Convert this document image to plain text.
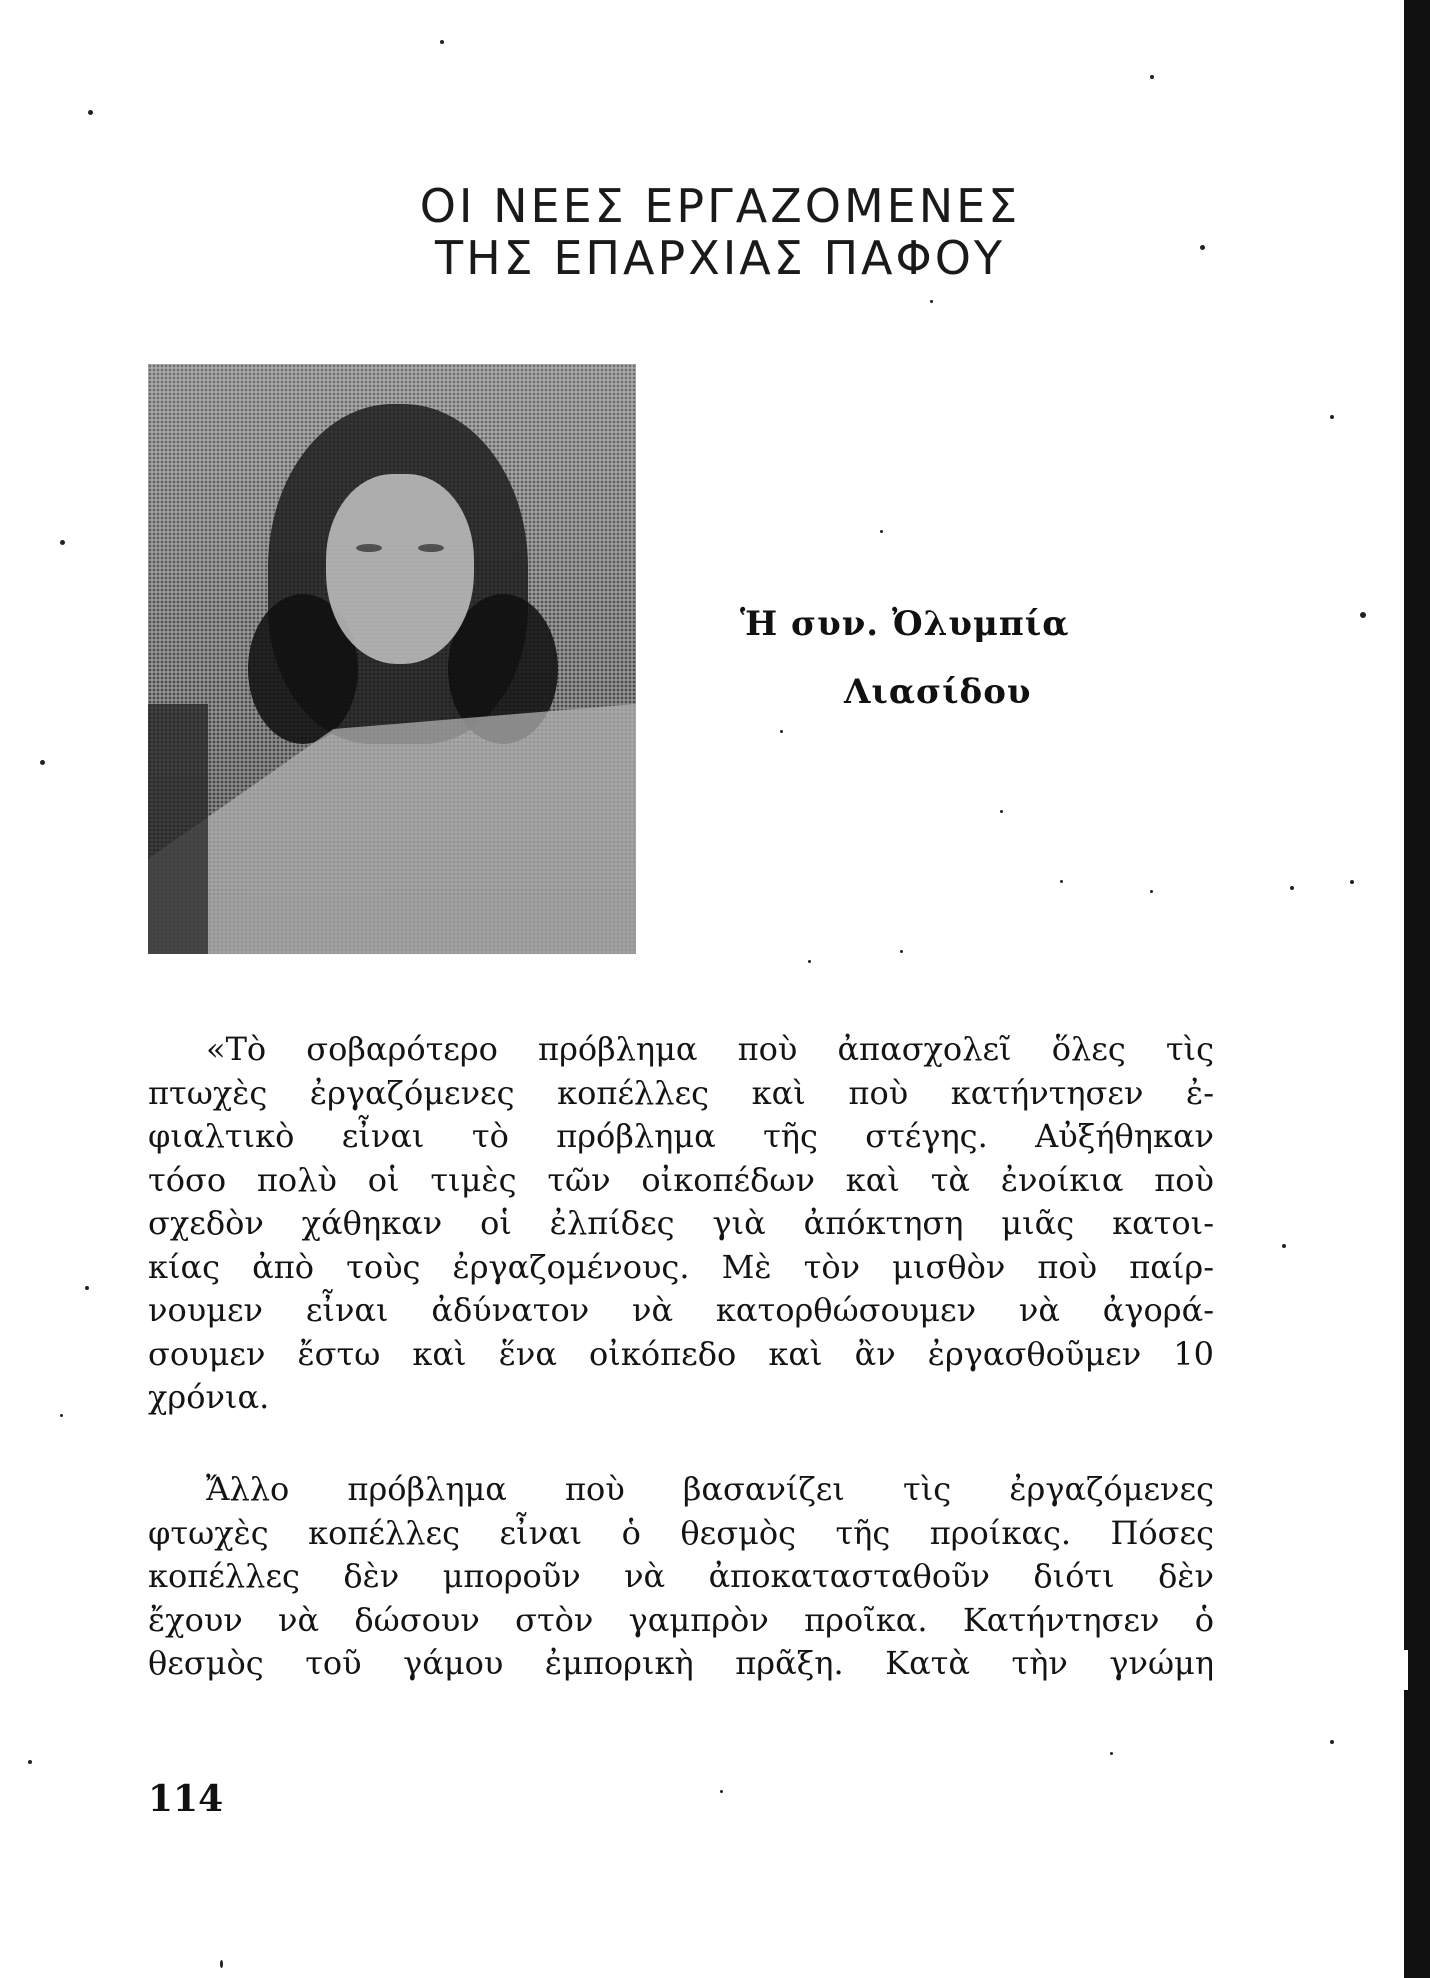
ΟΙ ΝΕΕΣ ΕΡΓΑΖΟΜΕΝΕΣ
ΤΗΣ ΕΠΑΡΧΙΑΣ ΠΑΦΟΥ
Ἡ συν. Ὀλυμπία
Λιασίδου
«Τὸ σοβαρότερο πρόβλημα ποὺ ἀπασχολεῖ ὅλες τὶς
πτωχὲς ἐργαζόμενες κοπέλλες καὶ ποὺ κατήντησεν ἐ-
φιαλτικὸ εἶναι τὸ πρόβλημα τῆς στέγης. Αὐξήθηκαν
τόσο πολὺ οἱ τιμὲς τῶν οἰκοπέδων καὶ τὰ ἐνοίκια ποὺ
σχεδὸν χάθηκαν οἱ ἐλπίδες γιὰ ἀπόκτηση μιᾶς κατοι-
κίας ἀπὸ τοὺς ἐργαζομένους. Μὲ τὸν μισθὸν ποὺ παίρ-
νουμεν εἶναι ἀδύνατον νὰ κατορθώσουμεν νὰ ἀγορά-
σουμεν ἔστω καὶ ἕνα οἰκόπεδο καὶ ἂν ἐργασθοῦμεν 10
χρόνια.
Ἄλλο πρόβλημα ποὺ βασανίζει τὶς ἐργαζόμενες
φτωχὲς κοπέλλες εἶναι ὁ θεσμὸς τῆς προίκας. Πόσες
κοπέλλες δὲν μποροῦν νὰ ἀποκατασταθοῦν διότι δὲν
ἔχουν νὰ δώσουν στὸν γαμπρὸν προῖκα. Κατήντησεν ὁ
θεσμὸς τοῦ γάμου ἐμπορικὴ πρᾶξη. Κατὰ τὴν γνώμη
114
